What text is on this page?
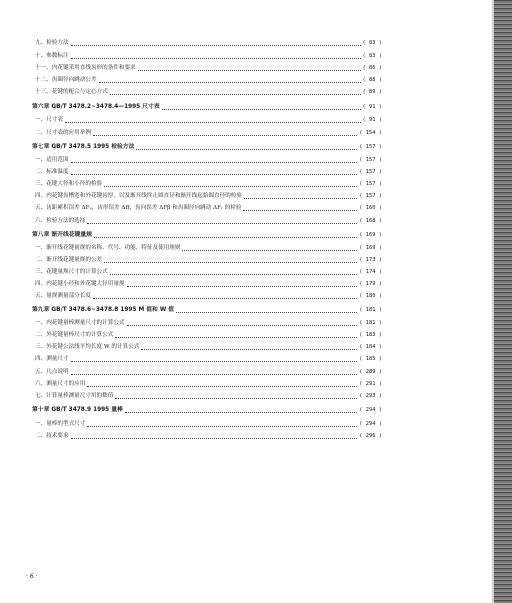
九、检验方法	( 83 )
十、参数标注	( 83 )
十一、内花键采用直线齿形的条件和要求	( 86 )
十二、齿圈径向跳动公差	( 88 )
十三、花键的配合与定心方式	( 89 )
第六章 GB/T 3478.2~3478.4—1995 尺寸表	( 91 )
一、尺寸表	( 91 )
二、尺寸表的应用举例	( 154 )
第七章 GB/T 3478.5 1995 检验方法	( 157 )
一、适用范围	( 157 )
二、标准温度	( 157 )
三、花键大径和小径的检验	( 157 )
四、内花键齿槽宽和外花键齿厚，以及渐开线终止圆直径和渐开线起始圆直径的检验	( 157 )
五、齿距累积误差 ΔFₚ，齿形误差 Δff，齿向误差 ΔFβ 和齿圈径向跳动 ΔFᵣ 的检验	( 160 )
六、检验方法的选择	( 168 )
第八章 渐开线花键量规	( 169 )
一、渐开线花键量规的名称、代号、功能、特征及使用规则	( 169 )
二、渐开线花键量规的公差	( 173 )
三、花键量规尺寸的计算公式	( 174 )
四、内花键小径和外花键大径用量规	( 179 )
五、量规测量部分长度	( 180 )
第九章 GB/T 3478.6~3478.8 1995 M 值和 W 值	( 181 )
一、内花键量棒测量尺寸的计算公式	( 181 )
二、外花键量棒尺寸的计算公式	( 183 )
三、外花键公法线平均长度 W 的计算公式	( 184 )
四、测量尺寸	( 185 )
五、几点说明	( 289 )
六、测量尺寸的应用	( 291 )
七、计算量棒测量尺寸用的数值	( 293 )
第十章 GB/T 3478.9 1995 量棒	( 294 )
一、量棒的型式尺寸	( 294 )
二、技术要求	( 296 )
· 6 ·
